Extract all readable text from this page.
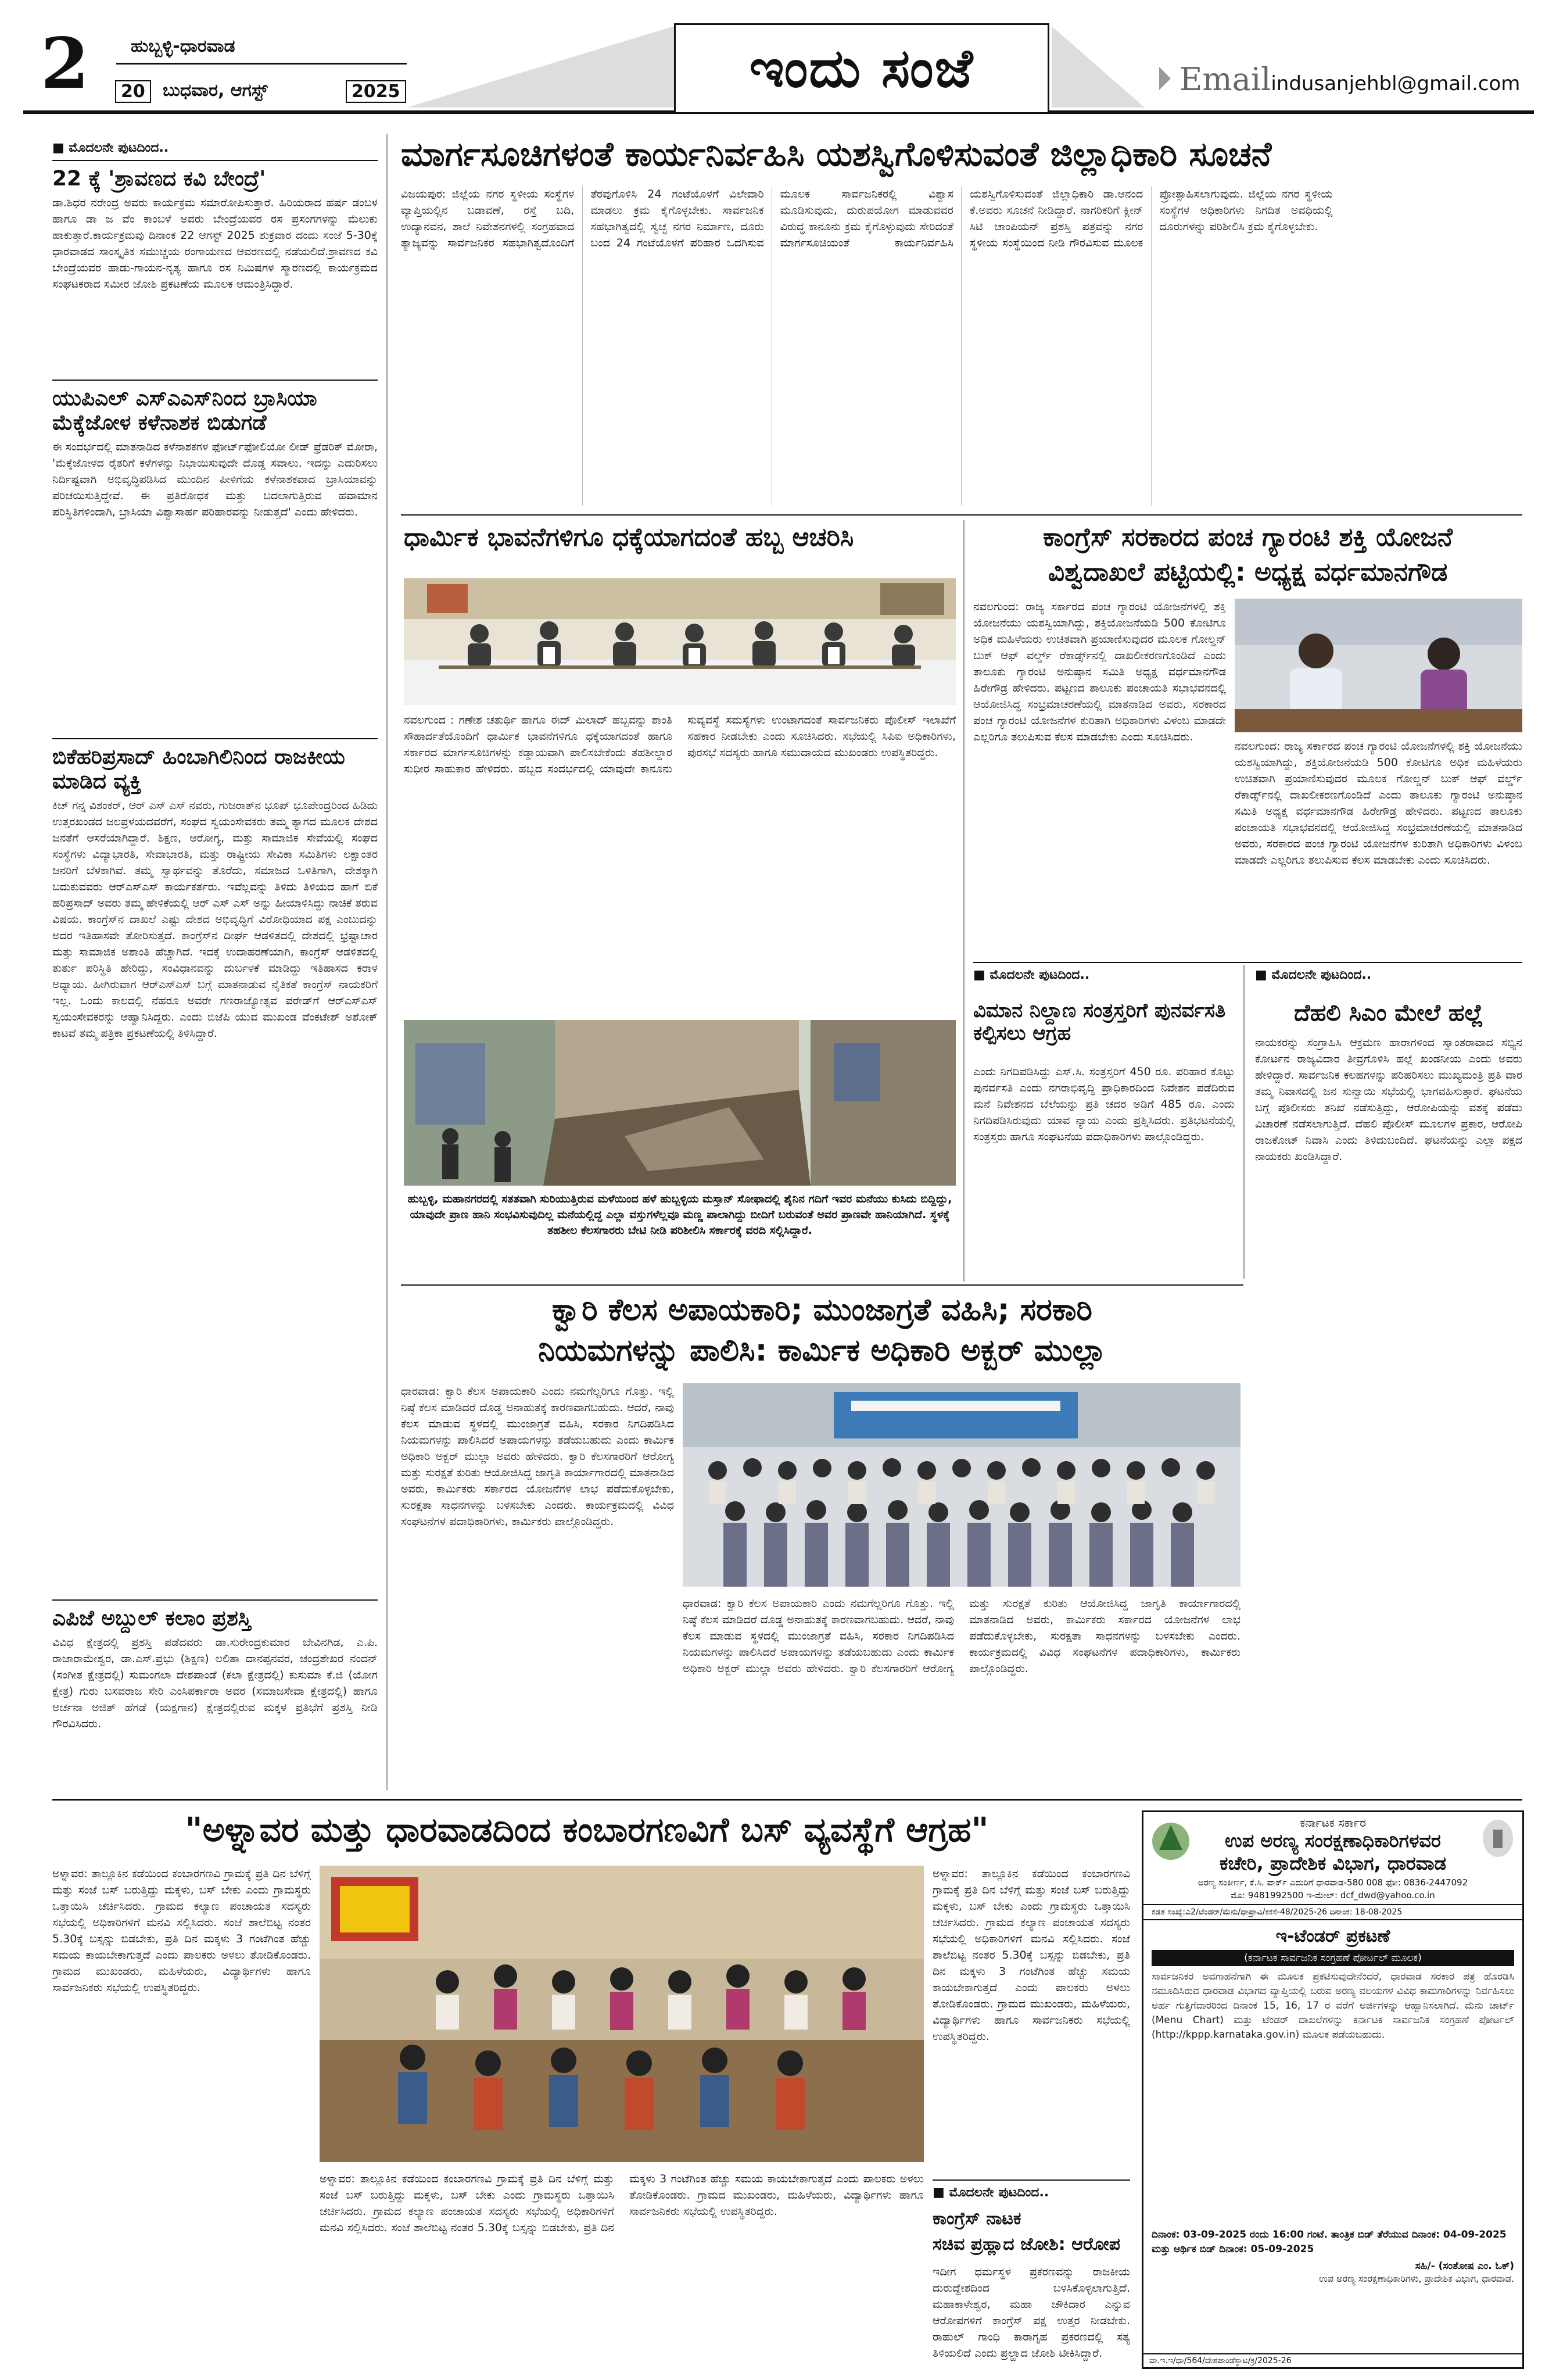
2 ಹುಬ್ಬಳ್ಳಿ-ಧಾರವಾಡ
20	ಬುಧವಾರ, ಆಗಸ್ಟ್	2025	ಇಂದು ಸಂಜೆ	Emailindusanjehbl@gmail.com
■ ಮೊದಲನೇ ಪುಟದಿಂದ..
22 ಕ್ಕೆ 'ಶ್ರಾವಣದ ಕವಿ ಬೇಂದ್ರೆ'
ಡಾ.ಶಿಧರ ನರೇಂದ್ರ ಅವರು ಕಾರ್ಯಕ್ರಮ ಸಮಾರೋಪಿಸುತ್ತಾರೆ. ಹಿರಿಯರಾದ ಹರ್ಷ ಡಂಬಳ ಹಾಗೂ ಡಾ ಜ ವೆಂ ಕಾಂಬಳೆ ಅವರು ಬೇಂದ್ರೆಯವರ ರಸ ಪ್ರಸಂಗಗಳನ್ನು ಮೆಲುಕು ಹಾಕುತ್ತಾರೆ.ಕಾರ್ಯಕ್ರಮವು ದಿನಾಂಕ 22 ಆಗಸ್ಟ್ 2025 ಶುಕ್ರವಾರ ದಂದು ಸಂಜೆ 5-30ಕ್ಕೆ ಧಾರವಾಡದ ಸಾಂಸ್ಕೃತಿಕ ಸಮುಚ್ಚಯ ರಂಗಾಯಣದ ಆವರಣದಲ್ಲಿ ನಡೆಯಲಿದೆ.ಶ್ರಾವಣದ ಕವಿ ಬೇಂದ್ರೆಯವರ ಹಾಡು-ಗಾಯನ-ನೃತ್ಯ ಹಾಗೂ ರಸ ನಿಮಿಷಗಳ ಸ್ಮಾರಣದಲ್ಲಿ ಕಾರ್ಯಕ್ರಮದ ಸಂಘಟಕರಾದ ಸಮೀರ ಜೋಶಿ ಪ್ರಕಟಣೆಯ ಮೂಲಕ ಆಮಂತ್ರಿಸಿದ್ದಾರೆ.
ಯುಪಿಎಲ್ ಎಸ್‌ಎಎಸ್‌ನಿಂದ ಬ್ರಾಸಿಯಾ ಮೆಕ್ಕೆಜೋಳ ಕಳೆನಾಶಕ ಬಿಡುಗಡೆ
ಈ ಸಂದರ್ಭದಲ್ಲಿ ಮಾತನಾಡಿದ ಕಳೆನಾಶಕಗಳ ಫೋರ್ಟ್‌ಫೋಲಿಯೋ ಲೀಡ್ ಫ್ರೆಡರಿಕ್ ಮೋರಾ, 'ಮೆಕ್ಕೆಜೋಳದ ರೈತರಿಗೆ ಕಳೆಗಳನ್ನು ನಿಭಾಯಿಸುವುದೇ ದೊಡ್ಡ ಸವಾಲು. ಇದನ್ನು ಎದುರಿಸಲು ನಿರ್ದಿಷ್ಟವಾಗಿ ಅಭಿವೃದ್ಧಿಪಡಿಸಿದ ಮುಂದಿನ ಪೀಳಿಗೆಯ ಕಳೆನಾಶಕವಾದ ಬ್ರಾಸಿಯಾವನ್ನು ಪರಿಚಯಿಸುತ್ತಿದ್ದೇವೆ. ಈ ಪ್ರತಿರೋಧಕ ಮತ್ತು ಬದಲಾಗುತ್ತಿರುವ ಹವಾಮಾನ ಪರಿಸ್ಥಿತಿಗಳಿಂದಾಗಿ, ಬ್ರಾಸಿಯಾ ವಿಶ್ವಾಸಾರ್ಹ ಪರಿಹಾರವನ್ನು ನೀಡುತ್ತದೆ' ಎಂದು ಹೇಳಿದರು.
ಬಿಕೆಹರಿಪ್ರಸಾದ್ ಹಿಂಬಾಗಿಲಿನಿಂದ ರಾಜಕೀಯ ಮಾಡಿದ ವ್ಯಕ್ತಿ
ಕಿಚ್ ಗನ್ನ ವಿಶಂಕರ್, ಆರ್ ಎಸ್ ಎಸ್ ನವರು, ಗುಜರಾತ್‌ನ ಭೂಪ್ ಭೂಪೇಂದ್ರರಿಂದ ಹಿಡಿದು ಉತ್ತರಖಂಡದ ಜಲಪ್ರಳಯದವರೆಗೆ, ಸಂಘದ ಸ್ವಯಂಸೇವಕರು ತಮ್ಮ ತ್ಯಾಗದ ಮೂಲಕ ದೇಶದ ಜನತೆಗೆ ಆಸರೆಯಾಗಿದ್ದಾರೆ. ಶಿಕ್ಷಣ, ಆರೋಗ್ಯ, ಮತ್ತು ಸಾಮಾಜಿಕ ಸೇವೆಯಲ್ಲಿ ಸಂಘದ ಸಂಸ್ಥೆಗಳು ವಿದ್ಯಾಭಾರತಿ, ಸೇವಾಭಾರತಿ, ಮತ್ತು ರಾಷ್ಟ್ರೀಯ ಸೇವಿಕಾ ಸಮಿತಿಗಳು ಲಕ್ಷಾಂತರ ಜನರಿಗೆ ಬೆಳಕಾಗಿವೆ. ತಮ್ಮ ಸ್ವಾರ್ಥವನ್ನು ತೊರೆದು, ಸಮಾಜದ ಒಳಿತಿಗಾಗಿ, ದೇಶಕ್ಕಾಗಿ ಬದುಕುವವರು ಆರ್‌ಎಸ್‌ಎಸ್ ಕಾರ್ಯಕರ್ತರು. ಇವೆಲ್ಲವನ್ನು ತಿಳಿದು ತಿಳಿಯದ ಹಾಗೆ ಬಿಕೆ ಹರಿಪ್ರಸಾದ್ ಅವರು ತಮ್ಮ ಹೇಳಿಕೆಯಲ್ಲಿ ಆರ್ ಎಸ್ ಎಸ್ ಅನ್ನು ಹೀಯಾಳಿಸಿದ್ದು ನಾಚಿಕೆ ತರುವ ವಿಷಯ. ಕಾಂಗ್ರೆಸ್‌ನ ದಾಖಲೆ ಎಷ್ಟು ದೇಶದ ಅಭಿವೃದ್ಧಿಗೆ ವಿರೋಧಿಯಾದ ಪಕ್ಷ ಎಂಬುದನ್ನು ಅದರ ಇತಿಹಾಸವೇ ತೋರಿಸುತ್ತದೆ. ಕಾಂಗ್ರೆಸ್‌ನ ದೀರ್ಘ ಆಡಳಿತದಲ್ಲಿ ದೇಶದಲ್ಲಿ ಭ್ರಷ್ಟಾಚಾರ ಮತ್ತು ಸಾಮಾಜಿಕ ಅಶಾಂತಿ ಹೆಚ್ಚಾಗಿದೆ. ಇದಕ್ಕೆ ಉದಾಹರಣೆಯಾಗಿ, ಕಾಂಗ್ರೆಸ್ ಆಡಳಿತದಲ್ಲಿ ತುರ್ತು ಪರಿಸ್ಥಿತಿ ಹೇರಿದ್ದು, ಸಂವಿಧಾನವನ್ನು ದುರ್ಬಳಕೆ ಮಾಡಿದ್ದು ಇತಿಹಾಸದ ಕರಾಳ ಅಧ್ಯಾಯ. ಹೀಗಿರುವಾಗ ಆರ್‌ಎಸ್‌ಎಸ್‌ ಬಗ್ಗೆ ಮಾತನಾಡುವ ನೈತಿಕತೆ ಕಾಂಗ್ರೆಸ್ ನಾಯಕರಿಗೆ ಇಲ್ಲ. ಒಂದು ಕಾಲದಲ್ಲಿ ನೆಹರೂ ಅವರೇ ಗಣರಾಜ್ಯೋತ್ಸವ ಪರೇಡ್‌ಗೆ ಆರ್‌ಎಸ್‌ಎಸ್ ಸ್ವಯಂಸೇವಕರನ್ನು ಆಹ್ವಾನಿಸಿದ್ದರು. ಎಂದು ಬಿಜೆಪಿ ಯುವ ಮುಖಂಡ ವೆಂಕಟೇಶ್ ಅಶೋಕ್ ಕಾಟವೆ ತಮ್ಮ ಪತ್ರಿಕಾ ಪ್ರಕಟಣೆಯಲ್ಲಿ ತಿಳಿಸಿದ್ದಾರೆ.
ಎಪಿಜೆ ಅಬ್ದುಲ್ ಕಲಾಂ ಪ್ರಶಸ್ತಿ
ವಿವಿಧ ಕ್ಷೇತ್ರದಲ್ಲಿ ಪ್ರಶಸ್ತಿ ಪಡೆದವರು ಡಾ.ಸುರೇಂದ್ರಕುಮಾರ ಬೇವಿನಗಿಡ, ಎ.ಪಿ. ರಾಜಾರಾಮೇಶ್ವರ, ಡಾ.ಎಸ್.ಪ್ರಭು (ಶಿಕ್ಷಣ) ಲಲಿತಾ ದಾನಪ್ಪನವರ, ಚಂದ್ರಶೇಖರ ನಂದನ್ (ಸಂಗೀತ ಕ್ಷೇತ್ರದಲ್ಲಿ) ಸುಮಂಗಲಾ ದೇಶಪಾಂಡೆ (ಕಲಾ ಕ್ಷೇತ್ರದಲ್ಲಿ) ಕುಸುಮಾ ಕೆ.ಜಿ (ಯೋಗ ಕ್ಷೇತ್ರ) ಗುರು ಬಸವರಾಜ ಸೇರಿ ಎಂಸಿಪರ್ಕಾರಾ ಅವರ (ಸಮಾಜಸೇವಾ ಕ್ಷೇತ್ರದಲ್ಲಿ) ಹಾಗೂ ಅರ್ಚನಾ ಅಜಿತ್ ಹೆಗಡೆ (ಯಕ್ಷಗಾನ) ಕ್ಷೇತ್ರದಲ್ಲಿರುವ ಮಕ್ಕಳ ಪ್ರತಿಭೆಗೆ ಪ್ರಶಸ್ತಿ ನೀಡಿ ಗೌರವಿಸಿದರು.
ಮಾರ್ಗಸೂಚಿಗಳಂತೆ ಕಾರ್ಯನಿರ್ವಹಿಸಿ ಯಶಸ್ವಿಗೊಳಿಸುವಂತೆ ಜಿಲ್ಲಾಧಿಕಾರಿ ಸೂಚನೆ
ವಿಜಯಪುರ: ಜಿಲ್ಲೆಯ ನಗರ ಸ್ಥಳೀಯ ಸಂಸ್ಥೆಗಳ ವ್ಯಾಪ್ತಿಯಲ್ಲಿನ ಬಡಾವಣೆ, ರಸ್ತೆ ಬದಿ, ಉದ್ಯಾನವನ, ಶಾಲೆ ನಿವೇಶನಗಳಲ್ಲಿ ಸಂಗ್ರಹವಾದ ತ್ಯಾಜ್ಯವನ್ನು ಸಾರ್ವಜನಿಕರ ಸಹಭಾಗಿತ್ವದೊಂದಿಗೆ ತೆರವುಗೊಳಿಸಿ 24 ಗಂಟೆಯೊಳಗೆ ವಿಲೇವಾರಿ ಮಾಡಲು ಕ್ರಮ ಕೈಗೊಳ್ಳಬೇಕು. ಸಾರ್ವಜನಿಕ ಸಹಭಾಗಿತ್ವದಲ್ಲಿ ಸ್ವಚ್ಛ ನಗರ ನಿರ್ಮಾಣ, ದೂರು ಬಂದ 24 ಗಂಟೆಯೊಳಗೆ ಪರಿಹಾರ ಒದಗಿಸುವ ಮೂಲಕ ಸಾರ್ವಜನಿಕರಲ್ಲಿ ವಿಶ್ವಾಸ ಮೂಡಿಸುವುದು, ದುರುಪಯೋಗ ಮಾಡುವವರ ವಿರುದ್ಧ ಕಾನೂನು ಕ್ರಮ ಕೈಗೊಳ್ಳುವುದು ಸೇರಿದಂತೆ ಮಾರ್ಗಸೂಚಿಯಂತೆ ಕಾರ್ಯನಿರ್ವಹಿಸಿ ಯಶಸ್ವಿಗೊಳಿಸುವಂತೆ ಜಿಲ್ಲಾಧಿಕಾರಿ ಡಾ.ಆನಂದ ಕೆ.ಅವರು ಸೂಚನೆ ನೀಡಿದ್ದಾರೆ. ನಾಗರಿಕರಿಗೆ ಕ್ಲೀನ್ ಸಿಟಿ ಚಾಂಪಿಯನ್ ಪ್ರಶಸ್ತಿ ಪತ್ರವನ್ನು ನಗರ ಸ್ಥಳೀಯ ಸಂಸ್ಥೆಯಿಂದ ನೀಡಿ ಗೌರವಿಸುವ ಮೂಲಕ ಪ್ರೋತ್ಸಾಹಿಸಲಾಗುವುದು. ಜಿಲ್ಲೆಯ ನಗರ ಸ್ಥಳೀಯ ಸಂಸ್ಥೆಗಳ ಅಧಿಕಾರಿಗಳು ನಿಗದಿತ ಅವಧಿಯಲ್ಲಿ ದೂರುಗಳನ್ನು ಪರಿಶೀಲಿಸಿ ಕ್ರಮ ಕೈಗೊಳ್ಳಬೇಕು.
ಧಾರ್ಮಿಕ ಭಾವನೆಗಳಿಗೂ ಧಕ್ಕೆಯಾಗದಂತೆ ಹಬ್ಬ ಆಚರಿಸಿ
ನವಲಗುಂದ : ಗಣೇಶ ಚತುರ್ಥಿ ಹಾಗೂ ಈದ್ ಮಿಲಾದ್ ಹಬ್ಬವನ್ನು ಶಾಂತಿ ಸೌಹಾರ್ದತೆಯೊಂದಿಗೆ ಧಾರ್ಮಿಕ ಭಾವನೆಗಳಿಗೂ ಧಕ್ಕೆಯಾಗದಂತೆ ಹಾಗೂ ಸರ್ಕಾರದ ಮಾರ್ಗಸೂಚಿಗಳನ್ನು ಕಡ್ಡಾಯವಾಗಿ ಪಾಲಿಸಬೇಕೆಂದು ತಹಶೀಲ್ದಾರ ಸುಧೀರ ಸಾಹುಕಾರ ಹೇಳಿದರು. ಹಬ್ಬದ ಸಂದರ್ಭದಲ್ಲಿ ಯಾವುದೇ ಕಾನೂನು ಸುವ್ಯವಸ್ಥೆ ಸಮಸ್ಯೆಗಳು ಉಂಟಾಗದಂತೆ ಸಾರ್ವಜನಿಕರು ಪೊಲೀಸ್ ಇಲಾಖೆಗೆ ಸಹಕಾರ ನೀಡಬೇಕು ಎಂದು ಸೂಚಿಸಿದರು. ಸಭೆಯಲ್ಲಿ ಸಿಪಿಐ ಅಧಿಕಾರಿಗಳು, ಪುರಸಭೆ ಸದಸ್ಯರು ಹಾಗೂ ಸಮುದಾಯದ ಮುಖಂಡರು ಉಪಸ್ಥಿತರಿದ್ದರು.
ಹುಬ್ಬಳ್ಳಿ, ಮಹಾನಗರದಲ್ಲಿ ಸತತವಾಗಿ ಸುರಿಯುತ್ತಿರುವ ಮಳೆಯಿಂದ ಹಳೆ ಹುಬ್ಬಳ್ಳಿಯ ಮಸ್ತಾನ್ ಸೋಫಾದಲ್ಲಿ ಶೈನಿನ ಗದಿಗೆ ಇವರ ಮನೆಯು ಕುಸಿದು ಬಿದ್ದಿದ್ದು, ಯಾವುದೇ ಪ್ರಾಣ ಹಾನಿ ಸಂಭವಿಸುವುದಿಲ್ಲ ಮನೆಯಲ್ಲಿದ್ದ ಎಲ್ಲಾ ವಸ್ತುಗಳೆಲ್ಲವೂ ಮಣ್ಣ ಪಾಲಾಗಿದ್ದು ಬೀದಿಗೆ ಬರುವಂತೆ ಅವರ ಪ್ರಾಣವೇ ಹಾನಿಯಾಗಿದೆ. ಸ್ಥಳಕ್ಕೆ ತಹಶೀಲ ಕೆಲಸಗಾರರು ಬೇಟಿ ನೀಡಿ ಪರಿಶೀಲಿಸಿ ಸರ್ಕಾರಕ್ಕೆ ವರದಿ ಸಲ್ಲಿಸಿದ್ದಾರೆ.
ಕಾಂಗ್ರೆಸ್ ಸರಕಾರದ ಪಂಚ ಗ್ಯಾರಂಟಿ ಶಕ್ತಿ ಯೋಜನೆ
ವಿಶ್ವದಾಖಲೆ ಪಟ್ಟಿಯಲ್ಲಿ: ಅಧ್ಯಕ್ಷ ವರ್ಧಮಾನಗೌಡ
ನವಲಗುಂದ: ರಾಜ್ಯ ಸರ್ಕಾರದ ಪಂಚ ಗ್ಯಾರಂಟಿ ಯೋಜನೆಗಳಲ್ಲಿ ಶಕ್ತಿ ಯೋಜನೆಯು ಯಶಸ್ವಿಯಾಗಿದ್ದು, ಶಕ್ತಿಯೋಜನೆಯಡಿ 500 ಕೋಟಿಗೂ ಅಧಿಕ ಮಹಿಳೆಯರು ಉಚಿತವಾಗಿ ಪ್ರಯಾಣಿಸುವುದರ ಮೂಲಕ ಗೋಲ್ಡನ್ ಬುಕ್ ಆಫ್ ವರ್ಲ್ಡ್ ರೆಕಾರ್ಡ್ಸ್‌ನಲ್ಲಿ ದಾಖಲೀಕರಣಗೊಂಡಿದೆ ಎಂದು ತಾಲೂಕು ಗ್ಯಾರಂಟಿ ಅನುಷ್ಠಾನ ಸಮಿತಿ ಅಧ್ಯಕ್ಷ ವರ್ಧಮಾನಗೌಡ ಹಿರೇಗೌಡ್ರ ಹೇಳಿದರು. ಪಟ್ಟಣದ ತಾಲೂಕು ಪಂಚಾಯತಿ ಸಭಾಭವನದಲ್ಲಿ ಆಯೋಜಿಸಿದ್ದ ಸಂಭ್ರಮಾಚರಣೆಯಲ್ಲಿ ಮಾತನಾಡಿದ ಅವರು, ಸರಕಾರದ ಪಂಚ ಗ್ಯಾರಂಟಿ ಯೋಜನೆಗಳ ಕುರಿತಾಗಿ ಅಧಿಕಾರಿಗಳು ವಿಳಂಬ ಮಾಡದೇ ಎಲ್ಲರಿಗೂ ತಲುಪಿಸುವ ಕೆಲಸ ಮಾಡಬೇಕು ಎಂದು ಸೂಚಿಸಿದರು.
ನವಲಗುಂದ: ರಾಜ್ಯ ಸರ್ಕಾರದ ಪಂಚ ಗ್ಯಾರಂಟಿ ಯೋಜನೆಗಳಲ್ಲಿ ಶಕ್ತಿ ಯೋಜನೆಯು ಯಶಸ್ವಿಯಾಗಿದ್ದು, ಶಕ್ತಿಯೋಜನೆಯಡಿ 500 ಕೋಟಿಗೂ ಅಧಿಕ ಮಹಿಳೆಯರು ಉಚಿತವಾಗಿ ಪ್ರಯಾಣಿಸುವುದರ ಮೂಲಕ ಗೋಲ್ಡನ್ ಬುಕ್ ಆಫ್ ವರ್ಲ್ಡ್ ರೆಕಾರ್ಡ್ಸ್‌ನಲ್ಲಿ ದಾಖಲೀಕರಣಗೊಂಡಿದೆ ಎಂದು ತಾಲೂಕು ಗ್ಯಾರಂಟಿ ಅನುಷ್ಠಾನ ಸಮಿತಿ ಅಧ್ಯಕ್ಷ ವರ್ಧಮಾನಗೌಡ ಹಿರೇಗೌಡ್ರ ಹೇಳಿದರು. ಪಟ್ಟಣದ ತಾಲೂಕು ಪಂಚಾಯತಿ ಸಭಾಭವನದಲ್ಲಿ ಆಯೋಜಿಸಿದ್ದ ಸಂಭ್ರಮಾಚರಣೆಯಲ್ಲಿ ಮಾತನಾಡಿದ ಅವರು, ಸರಕಾರದ ಪಂಚ ಗ್ಯಾರಂಟಿ ಯೋಜನೆಗಳ ಕುರಿತಾಗಿ ಅಧಿಕಾರಿಗಳು ವಿಳಂಬ ಮಾಡದೇ ಎಲ್ಲರಿಗೂ ತಲುಪಿಸುವ ಕೆಲಸ ಮಾಡಬೇಕು ಎಂದು ಸೂಚಿಸಿದರು.
■ ಮೊದಲನೇ ಪುಟದಿಂದ..
ವಿಮಾನ ನಿಲ್ದಾಣ ಸಂತ್ರಸ್ತರಿಗೆ ಪುನರ್ವಸತಿ ಕಲ್ಪಿಸಲು ಆಗ್ರಹ
ಎಂದು ನಿಗದಿಪಡಿಸಿದ್ದು ಎಸ್.ಸಿ. ಸಂತ್ರಸ್ತರಿಗೆ 450 ರೂ. ಪರಿಹಾರ ಕೊಟ್ಟು ಪುನರ್ವಸತಿ ಎಂದು ನಗರಾಭಿವೃದ್ಧಿ ಪ್ರಾಧಿಕಾರದಿಂದ ನಿವೇಶನ ಪಡೆದಿರುವ ಮನೆ ನಿವೇಶನದ ಬೆಲೆಯನ್ನು ಪ್ರತಿ ಚದರ ಅಡಿಗೆ 485 ರೂ. ಎಂದು ನಿಗದಿಪಡಿಸಿರುವುದು ಯಾವ ನ್ಯಾಯ ಎಂದು ಪ್ರಶ್ನಿಸಿದರು. ಪ್ರತಿಭಟನೆಯಲ್ಲಿ ಸಂತ್ರಸ್ತರು ಹಾಗೂ ಸಂಘಟನೆಯ ಪದಾಧಿಕಾರಿಗಳು ಪಾಲ್ಗೊಂಡಿದ್ದರು.
■ ಮೊದಲನೇ ಪುಟದಿಂದ..
ದೆಹಲಿ ಸಿಎಂ ಮೇಲೆ ಹಲ್ಲೆ
ನಾಯಕರನ್ನು ಸಂಗ್ರಾಹಿಸಿ ಆಕ್ರಮಣ ಹಾರಾಗಳಿಂದ ಸ್ವಾಂತರಾವಾದ ಸಭ್ಯಿನ ಕೋರ್ಟನ ರಾಜ್ಯವಿದಾರ ತೀವ್ರಗೊಳಿಸಿ ಹಲ್ಲೆ ಖಂಡನೀಯ ಎಂದು ಅವರು ಹೇಳಿದ್ದಾರೆ. ಸಾರ್ವಜನಿಕ ಕಲಹಗಳನ್ನು ಪರಿಹರಿಸಲು ಮುಖ್ಯಮಂತ್ರಿ ಪ್ರತಿ ವಾರ ತಮ್ಮ ನಿವಾಸದಲ್ಲಿ ಜನ ಸುನ್ವಾಯಿ ಸಭೆಯಲ್ಲಿ ಭಾಗವಹಿಸುತ್ತಾರೆ. ಘಟನೆಯ ಬಗ್ಗೆ ಪೊಲೀಸರು ತನಿಖೆ ನಡೆಸುತ್ತಿದ್ದು, ಆರೋಪಿಯನ್ನು ವಶಕ್ಕೆ ಪಡೆದು ವಿಚಾರಣೆ ನಡೆಸಲಾಗುತ್ತಿದೆ. ದೆಹಲಿ ಪೊಲೀಸ್ ಮೂಲಗಳ ಪ್ರಕಾರ, ಆರೋಪಿ ರಾಜಕೋಟ್ ನಿವಾಸಿ ಎಂದು ತಿಳಿದುಬಂದಿದೆ. ಘಟನೆಯನ್ನು ಎಲ್ಲಾ ಪಕ್ಷದ ನಾಯಕರು ಖಂಡಿಸಿದ್ದಾರೆ.
ಕ್ವಾರಿ ಕೆಲಸ ಅಪಾಯಕಾರಿ; ಮುಂಜಾಗ್ರತೆ ವಹಿಸಿ; ಸರಕಾರಿ
ನಿಯಮಗಳನ್ನು ಪಾಲಿಸಿ: ಕಾರ್ಮಿಕ ಅಧಿಕಾರಿ ಅಕ್ಬರ್ ಮುಲ್ಲಾ
ಧಾರವಾಡ: ಕ್ವಾರಿ ಕೆಲಸ ಅಪಾಯಕಾರಿ ಎಂದು ನಮಗೆಲ್ಲರಿಗೂ ಗೊತ್ತು. ಇಲ್ಲಿ ನಿಷ್ಠೆ ಕೆಲಸ ಮಾಡಿದರೆ ದೊಡ್ಡ ಅನಾಹುತಕ್ಕೆ ಕಾರಣವಾಗಬಹುದು. ಆದರೆ, ನಾವು ಕೆಲಸ ಮಾಡುವ ಸ್ಥಳದಲ್ಲಿ ಮುಂಜಾಗ್ರತೆ ವಹಿಸಿ, ಸರಕಾರ ನಿಗದಿಪಡಿಸಿದ ನಿಯಮಗಳನ್ನು ಪಾಲಿಸಿದರೆ ಅಪಾಯಗಳನ್ನು ತಡೆಯಬಹುದು ಎಂದು ಕಾರ್ಮಿಕ ಅಧಿಕಾರಿ ಅಕ್ಬರ್ ಮುಲ್ಲಾ ಅವರು ಹೇಳಿದರು. ಕ್ವಾರಿ ಕೆಲಸಗಾರರಿಗೆ ಆರೋಗ್ಯ ಮತ್ತು ಸುರಕ್ಷತೆ ಕುರಿತು ಆಯೋಜಿಸಿದ್ದ ಜಾಗೃತಿ ಕಾರ್ಯಾಗಾರದಲ್ಲಿ ಮಾತನಾಡಿದ ಅವರು, ಕಾರ್ಮಿಕರು ಸರ್ಕಾರದ ಯೋಜನೆಗಳ ಲಾಭ ಪಡೆದುಕೊಳ್ಳಬೇಕು, ಸುರಕ್ಷತಾ ಸಾಧನಗಳನ್ನು ಬಳಸಬೇಕು ಎಂದರು. ಕಾರ್ಯಕ್ರಮದಲ್ಲಿ ವಿವಿಧ ಸಂಘಟನೆಗಳ ಪದಾಧಿಕಾರಿಗಳು, ಕಾರ್ಮಿಕರು ಪಾಲ್ಗೊಂಡಿದ್ದರು.
ಧಾರವಾಡ: ಕ್ವಾರಿ ಕೆಲಸ ಅಪಾಯಕಾರಿ ಎಂದು ನಮಗೆಲ್ಲರಿಗೂ ಗೊತ್ತು. ಇಲ್ಲಿ ನಿಷ್ಠೆ ಕೆಲಸ ಮಾಡಿದರೆ ದೊಡ್ಡ ಅನಾಹುತಕ್ಕೆ ಕಾರಣವಾಗಬಹುದು. ಆದರೆ, ನಾವು ಕೆಲಸ ಮಾಡುವ ಸ್ಥಳದಲ್ಲಿ ಮುಂಜಾಗ್ರತೆ ವಹಿಸಿ, ಸರಕಾರ ನಿಗದಿಪಡಿಸಿದ ನಿಯಮಗಳನ್ನು ಪಾಲಿಸಿದರೆ ಅಪಾಯಗಳನ್ನು ತಡೆಯಬಹುದು ಎಂದು ಕಾರ್ಮಿಕ ಅಧಿಕಾರಿ ಅಕ್ಬರ್ ಮುಲ್ಲಾ ಅವರು ಹೇಳಿದರು. ಕ್ವಾರಿ ಕೆಲಸಗಾರರಿಗೆ ಆರೋಗ್ಯ ಮತ್ತು ಸುರಕ್ಷತೆ ಕುರಿತು ಆಯೋಜಿಸಿದ್ದ ಜಾಗೃತಿ ಕಾರ್ಯಾಗಾರದಲ್ಲಿ ಮಾತನಾಡಿದ ಅವರು, ಕಾರ್ಮಿಕರು ಸರ್ಕಾರದ ಯೋಜನೆಗಳ ಲಾಭ ಪಡೆದುಕೊಳ್ಳಬೇಕು, ಸುರಕ್ಷತಾ ಸಾಧನಗಳನ್ನು ಬಳಸಬೇಕು ಎಂದರು. ಕಾರ್ಯಕ್ರಮದಲ್ಲಿ ವಿವಿಧ ಸಂಘಟನೆಗಳ ಪದಾಧಿಕಾರಿಗಳು, ಕಾರ್ಮಿಕರು ಪಾಲ್ಗೊಂಡಿದ್ದರು.
"ಅಳ್ನಾವರ ಮತ್ತು ಧಾರವಾಡದಿಂದ ಕಂಬಾರಗಣವಿಗೆ ಬಸ್ ವ್ಯವಸ್ಥೆಗೆ ಆಗ್ರಹ"
ಅಳ್ನಾವರ: ತಾಲ್ಲೂಕಿನ ಕಡೆಯಿಂದ ಕಂಬಾರಗಣವಿ ಗ್ರಾಮಕ್ಕೆ ಪ್ರತಿ ದಿನ ಬೆಳಿಗ್ಗೆ ಮತ್ತು ಸಂಜೆ ಬಸ್ ಬರುತ್ತಿದ್ದು ಮಕ್ಕಳು, ಬಸ್ ಬೇಕು ಎಂದು ಗ್ರಾಮಸ್ಥರು ಒತ್ತಾಯಿಸಿ ಚರ್ಚಿಸಿದರು. ಗ್ರಾಮದ ಕಲ್ಯಾಣ ಪಂಚಾಯತ ಸದಸ್ಯರು ಸಭೆಯಲ್ಲಿ ಅಧಿಕಾರಿಗಳಿಗೆ ಮನವಿ ಸಲ್ಲಿಸಿದರು. ಸಂಜೆ ಶಾಲೆಬಿಟ್ಟ ನಂತರ 5.30ಕ್ಕೆ ಬಸ್ಸನ್ನು ಬಿಡಬೇಕು, ಪ್ರತಿ ದಿನ ಮಕ್ಕಳು 3 ಗಂಟೆಗಿಂತ ಹೆಚ್ಚು ಸಮಯ ಕಾಯಬೇಕಾಗುತ್ತದೆ ಎಂದು ಪಾಲಕರು ಅಳಲು ತೋಡಿಕೊಂಡರು. ಗ್ರಾಮದ ಮುಖಂಡರು, ಮಹಿಳೆಯರು, ವಿದ್ಯಾರ್ಥಿಗಳು ಹಾಗೂ ಸಾರ್ವಜನಿಕರು ಸಭೆಯಲ್ಲಿ ಉಪಸ್ಥಿತರಿದ್ದರು.
ಅಳ್ನಾವರ: ತಾಲ್ಲೂಕಿನ ಕಡೆಯಿಂದ ಕಂಬಾರಗಣವಿ ಗ್ರಾಮಕ್ಕೆ ಪ್ರತಿ ದಿನ ಬೆಳಿಗ್ಗೆ ಮತ್ತು ಸಂಜೆ ಬಸ್ ಬರುತ್ತಿದ್ದು ಮಕ್ಕಳು, ಬಸ್ ಬೇಕು ಎಂದು ಗ್ರಾಮಸ್ಥರು ಒತ್ತಾಯಿಸಿ ಚರ್ಚಿಸಿದರು. ಗ್ರಾಮದ ಕಲ್ಯಾಣ ಪಂಚಾಯತ ಸದಸ್ಯರು ಸಭೆಯಲ್ಲಿ ಅಧಿಕಾರಿಗಳಿಗೆ ಮನವಿ ಸಲ್ಲಿಸಿದರು. ಸಂಜೆ ಶಾಲೆಬಿಟ್ಟ ನಂತರ 5.30ಕ್ಕೆ ಬಸ್ಸನ್ನು ಬಿಡಬೇಕು, ಪ್ರತಿ ದಿನ ಮಕ್ಕಳು 3 ಗಂಟೆಗಿಂತ ಹೆಚ್ಚು ಸಮಯ ಕಾಯಬೇಕಾಗುತ್ತದೆ ಎಂದು ಪಾಲಕರು ಅಳಲು ತೋಡಿಕೊಂಡರು. ಗ್ರಾಮದ ಮುಖಂಡರು, ಮಹಿಳೆಯರು, ವಿದ್ಯಾರ್ಥಿಗಳು ಹಾಗೂ ಸಾರ್ವಜನಿಕರು ಸಭೆಯಲ್ಲಿ ಉಪಸ್ಥಿತರಿದ್ದರು.
ಅಳ್ನಾವರ: ತಾಲ್ಲೂಕಿನ ಕಡೆಯಿಂದ ಕಂಬಾರಗಣವಿ ಗ್ರಾಮಕ್ಕೆ ಪ್ರತಿ ದಿನ ಬೆಳಿಗ್ಗೆ ಮತ್ತು ಸಂಜೆ ಬಸ್ ಬರುತ್ತಿದ್ದು ಮಕ್ಕಳು, ಬಸ್ ಬೇಕು ಎಂದು ಗ್ರಾಮಸ್ಥರು ಒತ್ತಾಯಿಸಿ ಚರ್ಚಿಸಿದರು. ಗ್ರಾಮದ ಕಲ್ಯಾಣ ಪಂಚಾಯತ ಸದಸ್ಯರು ಸಭೆಯಲ್ಲಿ ಅಧಿಕಾರಿಗಳಿಗೆ ಮನವಿ ಸಲ್ಲಿಸಿದರು. ಸಂಜೆ ಶಾಲೆಬಿಟ್ಟ ನಂತರ 5.30ಕ್ಕೆ ಬಸ್ಸನ್ನು ಬಿಡಬೇಕು, ಪ್ರತಿ ದಿನ ಮಕ್ಕಳು 3 ಗಂಟೆಗಿಂತ ಹೆಚ್ಚು ಸಮಯ ಕಾಯಬೇಕಾಗುತ್ತದೆ ಎಂದು ಪಾಲಕರು ಅಳಲು ತೋಡಿಕೊಂಡರು. ಗ್ರಾಮದ ಮುಖಂಡರು, ಮಹಿಳೆಯರು, ವಿದ್ಯಾರ್ಥಿಗಳು ಹಾಗೂ ಸಾರ್ವಜನಿಕರು ಸಭೆಯಲ್ಲಿ ಉಪಸ್ಥಿತರಿದ್ದರು.
■ ಮೊದಲನೇ ಪುಟದಿಂದ..
ಕಾಂಗ್ರೆಸ್ ನಾಟಕ
ಸಚಿವ ಪ್ರಹ್ಲಾದ ಜೋಶಿ: ಆರೋಪ
ಇದೀಗ ಧರ್ಮಸ್ಥಳ ಪ್ರಕರಣವನ್ನು ರಾಜಕೀಯ ದುರುದ್ದೇಶದಿಂದ ಬಳಸಿಕೊಳ್ಳಲಾಗುತ್ತಿದೆ. ಮಹಾಕಾಳೇಶ್ವರ, ಮಹಾ ಚೌಕಿದಾರ ಎನ್ನುವ ಆರೋಪಗಳಿಗೆ ಕಾಂಗ್ರೆಸ್ ಪಕ್ಷ ಉತ್ತರ ನೀಡಬೇಕು. ರಾಹುಲ್ ಗಾಂಧಿ ಕಾರಾಗೃಹ ಪ್ರಕರಣದಲ್ಲಿ ಸತ್ಯ ತಿಳಿಯಲಿದೆ ಎಂದು ಪ್ರಲ್ಹಾದ ಜೋಶಿ ಟೀಕಿಸಿದ್ದಾರೆ.
ಕರ್ನಾಟಕ ಸರ್ಕಾರ
ಉಪ ಅರಣ್ಯ ಸಂರಕ್ಷಣಾಧಿಕಾರಿಗಳವರ
ಕಚೇರಿ, ಪ್ರಾದೇಶಿಕ ವಿಭಾಗ, ಧಾರವಾಡ
ಅರಣ್ಯ ಸಂಕೀರ್ಣ, ಕೆ.ಸಿ. ಪಾರ್ಕ್ ಎದುರಿಗೆ ಧಾರವಾಡ-580 008 ಫೋ: 0836-2447092
ಮೊ: 9481992500 ಇ-ಮೇಲ್: dcf_dwd@yahoo.co.in
ಕಡತ ಸಂಖ್ಯೆ:ಎ2/ಟೆಂಡರ್/ಮೆನು/ಧಾಪ್ರಾವಿ/ಕಕಸೆ-48/2025-26 ದಿನಾಂಕ: 18-08-2025
ಇ-ಟೆಂಡರ್ ಪ್ರಕಟಣೆ
(ಕರ್ನಾಟಕ ಸಾರ್ವಜನಿಕ ಸಂಗ್ರಹಣೆ ಪೋರ್ಟಲ್ ಮೂಲಕ)
ಸಾರ್ವಜನಿಕರ ಅವಗಾಹನೆಗಾಗಿ ಈ ಮೂಲಕ ಪ್ರಕಟಿಸುವುದೇನೆಂದರೆ, ಧಾರವಾಡ ಸರಕಾರ ಪತ್ರ ಹೊರಡಿಸಿ ನಮೂದಿಸಿರುವ ಧಾರವಾಡ ವಿಭಾಗದ ವ್ಯಾಪ್ತಿಯಲ್ಲಿ ಬರುವ ಅರಣ್ಯ ವಲಯಗಳ ವಿವಿಧ ಕಾಮಗಾರಿಗಳನ್ನು ನಿರ್ವಹಿಸಲು ಅರ್ಹ ಗುತ್ತಿಗೆದಾರರಿಂದ ದಿನಾಂಕ 15, 16, 17 ರ ವರೆಗೆ ಅರ್ಜಿಗಳನ್ನು ಆಹ್ವಾನಿಸಲಾಗಿದೆ. ಮೆನು ಚಾರ್ಟ್ (Menu Chart) ಮತ್ತು ಟೆಂಡರ್ ದಾಖಲೆಗಳನ್ನು ಕರ್ನಾಟಕ ಸಾರ್ವಜನಿಕ ಸಂಗ್ರಹಣೆ ಪೋರ್ಟಲ್ (http://kppp.karnataka.gov.in) ಮೂಲಕ ಪಡೆಯಬಹುದು.
ದಿನಾಂಕ: 03-09-2025 ರಂದು 16:00 ಗಂಟೆ. ತಾಂತ್ರಿಕ ಬಿಡ್ ತೆರೆಯುವ ದಿನಾಂಕ: 04-09-2025 ಮತ್ತು ಆರ್ಥಿಕ ಬಿಡ್ ದಿನಾಂಕ: 05-09-2025
ಸಹಿ/- (ಸಂತೋಷ ಎಂ. ಓಕ್)
ಉಪ ಅರಣ್ಯ ಸಂರಕ್ಷಣಾಧಿಕಾರಿಗಳು, ಪ್ರಾದೇಶಿಕ ವಿಭಾಗ, ಧಾರವಾಡ.
ವಾ.ಇ.ಇ/ಧಾ/564/ದೇಶಪಾಂಡೆಸ್ಥಾಟ/ಕ್ರ/2025-26
